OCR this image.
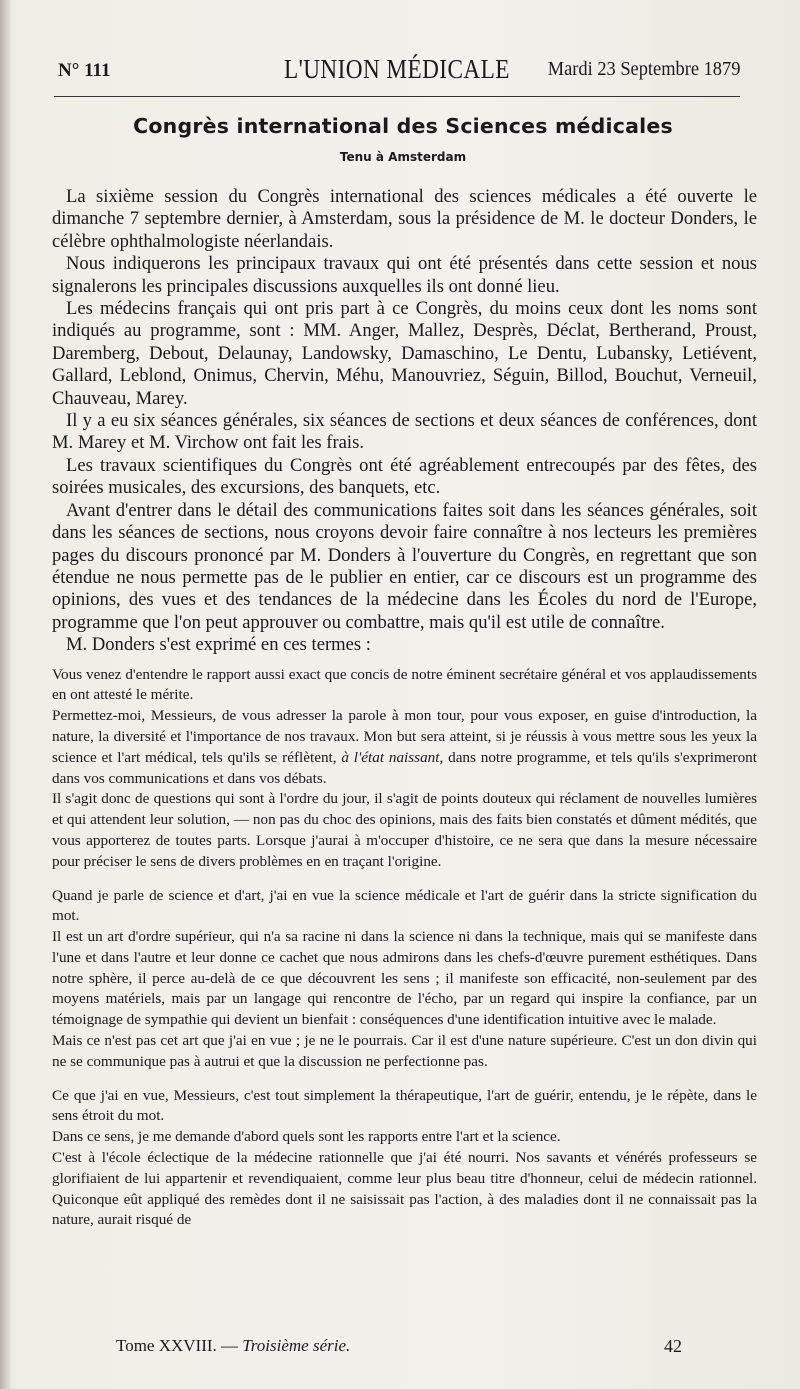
N° 111	L'UNION MÉDICALE Mardi 23 Septembre 1879
Congrès international des Sciences médicales
Tenu à Amsterdam

La sixième session du Congrès international des sciences médicales a été ouverte le dimanche 7 septembre dernier, à Amsterdam, sous la présidence de M. le docteur Donders, le célèbre ophthalmologiste néerlandais.

Nous indiquerons les principaux travaux qui ont été présentés dans cette session et nous signalerons les principales discussions auxquelles ils ont donné lieu.

Les médecins français qui ont pris part à ce Congrès, du moins ceux dont les noms sont indiqués au programme, sont : MM. Anger, Mallez, Desprès, Déclat, Bertherand, Proust, Daremberg, Debout, Delaunay, Landowsky, Damaschino, Le Dentu, Lubansky, Letiévent, Gallard, Leblond, Onimus, Chervin, Méhu, Manouvriez, Séguin, Billod, Bouchut, Verneuil, Chauveau, Marey.

Il y a eu six séances générales, six séances de sections et deux séances de conférences, dont M. Marey et M. Virchow ont fait les frais.

Les travaux scientifiques du Congrès ont été agréablement entrecoupés par des fêtes, des soirées musicales, des excursions, des banquets, etc.

Avant d'entrer dans le détail des communications faites soit dans les séances générales, soit dans les séances de sections, nous croyons devoir faire connaître à nos lecteurs les premières pages du discours prononcé par M. Donders à l'ouverture du Congrès, en regrettant que son étendue ne nous permette pas de le publier en entier, car ce discours est un programme des opinions, des vues et des tendances de la médecine dans les Écoles du nord de l'Europe, programme que l'on peut approuver ou combattre, mais qu'il est utile de connaître.

M. Donders s'est exprimé en ces termes :

Vous venez d'entendre le rapport aussi exact que concis de notre éminent secrétaire général et vos applaudissements en ont attesté le mérite.

Permettez-moi, Messieurs, de vous adresser la parole à mon tour, pour vous exposer, en guise d'introduction, la nature, la diversité et l'importance de nos travaux. Mon but sera atteint, si je réussis à vous mettre sous les yeux la science et l'art médical, tels qu'ils se réflètent, à l'état naissant, dans notre programme, et tels qu'ils s'exprimeront dans vos communications et dans vos débats.

Il s'agit donc de questions qui sont à l'ordre du jour, il s'agit de points douteux qui réclament de nouvelles lumières et qui attendent leur solution, — non pas du choc des opinions, mais des faits bien constatés et dûment médités, que vous apporterez de toutes parts. Lorsque j'aurai à m'occuper d'histoire, ce ne sera que dans la mesure nécessaire pour préciser le sens de divers problèmes en en traçant l'origine.

Quand je parle de science et d'art, j'ai en vue la science médicale et l'art de guérir dans la stricte signification du mot.

Il est un art d'ordre supérieur, qui n'a sa racine ni dans la science ni dans la technique, mais qui se manifeste dans l'une et dans l'autre et leur donne ce cachet que nous admirons dans les chefs-d'œuvre purement esthétiques. Dans notre sphère, il perce au-delà de ce que découvrent les sens ; il manifeste son efficacité, non-seulement par des moyens matériels, mais par un langage qui rencontre de l'écho, par un regard qui inspire la confiance, par un témoignage de sympathie qui devient un bienfait : conséquences d'une identification intuitive avec le malade.

Mais ce n'est pas cet art que j'ai en vue ; je ne le pourrais. Car il est d'une nature supérieure. C'est un don divin qui ne se communique pas à autrui et que la discussion ne perfectionne pas.

Ce que j'ai en vue, Messieurs, c'est tout simplement la thérapeutique, l'art de guérir, entendu, je le répète, dans le sens étroit du mot.

Dans ce sens, je me demande d'abord quels sont les rapports entre l'art et la science.

C'est à l'école éclectique de la médecine rationnelle que j'ai été nourri. Nos savants et vénérés professeurs se glorifiaient de lui appartenir et revendiquaient, comme leur plus beau titre d'honneur, celui de médecin rationnel. Quiconque eût appliqué des remèdes dont il ne saisissait pas l'action, à des maladies dont il ne connaissait pas la nature, aurait risqué de

Tome XXVIII. — Troisième série.	42
